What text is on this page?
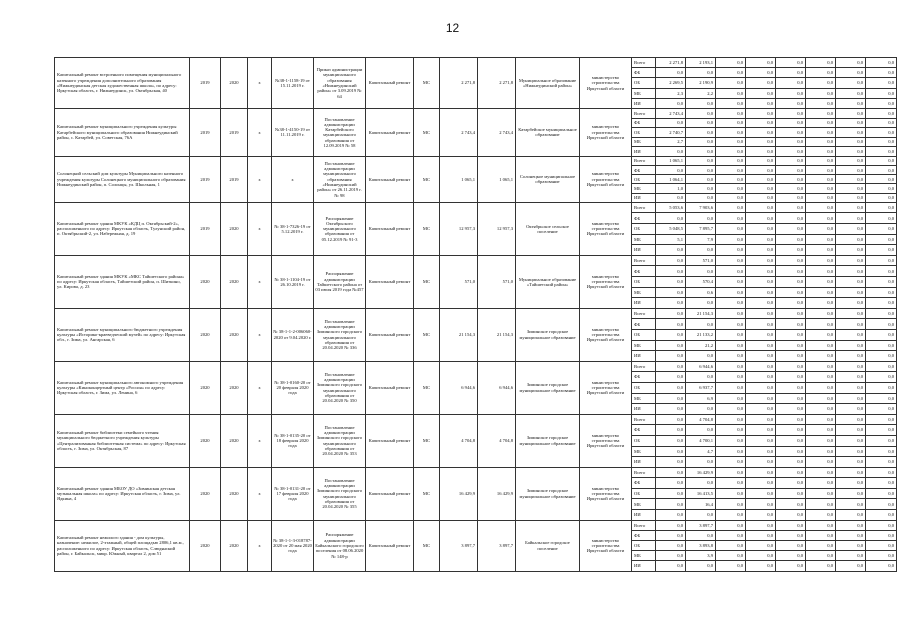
12
Капитальный ремонт встроенного помещения муниципального казенного учреждения дополнительного образования «Нижнеудинская детская художественная школа», по адресу: Иркутская область, г. Нижнеудинск, ул. Октябрьская, 40	2019	2020	х	№38-1-1158-19 от 15.11.2019 г.	Приказ администрации муниципального образования «Нижнеудинский район» от 3.09.2019 № 64	Капитальный ремонт	МС	2 271,8	2 271,8	Муниципальное образование «Нижнеудинский район»	министерство строительства Иркутской области	Всего	2 271,8	2 193,1	0,0	0,0	0,0	0,0	0,0	0,0
												ФБ	0,0	0,0	0,0	0,0	0,0	0,0	0,0	0,0
												ОБ	2 269,5	2 190,9	0,0	0,0	0,0	0,0	0,0	0,0
												МБ	2,3	2,2	0,0	0,0	0,0	0,0	0,0	0,0
												ИИ	0,0	0,0	0,0	0,0	0,0	0,0	0,0	0,0
Капитальный ремонт муниципального учреждения культуры Катарбейского муниципального образования Нижнеудинский район, с. Катарбей, ул. Советская, 76А	2019	2019	х	№38-1-4150-19 от 11.11.2019 г.	Постановление администрации Катарбейского муниципального образования от 12.09.2019 № 58	Капитальный ремонт	МС	2 743,4	2 743,4	Катарбейское муниципальное образование	министерство строительства Иркутской области	Всего	2 743,4	0,0	0,0	0,0	0,0	0,0	0,0	0,0
												ФБ	0,0	0,0	0,0	0,0	0,0	0,0	0,0	0,0
												ОБ	2 740,7	0,0	0,0	0,0	0,0	0,0	0,0	0,0
												МБ	2,7	0,0	0,0	0,0	0,0	0,0	0,0	0,0
												ИИ	0,0	0,0	0,0	0,0	0,0	0,0	0,0	0,0
Солонецкий сельский дом культуры Муниципального казенного учреждения культуры Солонецкого муниципального образования Нижнеудинский район, п. Солонцы, ул. Школьная, 1	2019	2019	х	х	Постановление администрации муниципального образования «Нижнеудинский район» от 26.11.2019 г. № 98	Капитальный ремонт	МС	1 065,1	1 065,1	Солонецкое муниципальное образование	министерство строительства Иркутской области	Всего	1 065,1	0,0	0,0	0,0	0,0	0,0	0,0	0,0
												ФБ	0,0	0,0	0,0	0,0	0,0	0,0	0,0	0,0
												ОБ	1 064,1	0,0	0,0	0,0	0,0	0,0	0,0	0,0
												МБ	1,0	0,0	0,0	0,0	0,0	0,0	0,0	0,0
												ИИ	0,0	0,0	0,0	0,0	0,0	0,0	0,0	0,0
Капитальный ремонт здания МКУК «КДЦ п. Октябрьский-2», расположенного по адресу: Иркутская область, Тулунский район, п. Октябрьский-2, ул. Набережная, д. 19	2019	2020	х	№ 38-1-7326-19 от 5.12.2019 г.	Распоряжение Октябрьского муниципального образования от 05.12.2019 № 91-3	Капитальный ремонт	МС	12 957,3	12 957,3	Октябрьское сельское поселение	министерство строительства Иркутской области	Всего	5 053,6	7 903,6	0,0	0,0	0,0	0,0	0,0	0,0
												ФБ	0,0	0,0	0,0	0,0	0,0	0,0	0,0	0,0
												ОБ	5 048,5	7 895,7	0,0	0,0	0,0	0,0	0,0	0,0
												МБ	5,1	7,9	0,0	0,0	0,0	0,0	0,0	0,0
												ИИ	0,0	0,0	0,0	0,0	0,0	0,0	0,0	0,0
Капитальный ремонт здания МКУК «МКС Тайшетского района» по адресу: Иркутская область, Тайшетский район, п. Шиткино, ул. Кирова, д. 23	2020	2020	х	№ 38-1-1104-19 от 26.10.2019 г.	Распоряжение администрации Тайшетского района от 03 июля 2019 года №457	Капитальный ремонт	МС	571,0	571,0	Муниципальное образование «Тайшетский район»	министерство строительства Иркутской области	Всего	0,0	571,0	0,0	0,0	0,0	0,0	0,0	0,0
												ФБ	0,0	0,0	0,0	0,0	0,0	0,0	0,0	0,0
												ОБ	0,0	570,4	0,0	0,0	0,0	0,0	0,0	0,0
												МБ	0,0	0,6	0,0	0,0	0,0	0,0	0,0	0,0
												ИИ	0,0	0,0	0,0	0,0	0,0	0,0	0,0	0,0
Капитальный ремонт муниципального бюджетного учреждения культуры «Историко-краеведческий музей» по адресу: Иркутская обл., г. Зима, ул. Ангарская, 6	2020	2020	х	№ 38-1-1-2-006060-2020 от 9.04.2020 г.	Постановление администрации Зиминского городского муниципального образования от 20.04.2020 № 336	Капитальный ремонт	МС	21 154,3	21 154,3	Зиминское городское муниципальное образование	министерство строительства Иркутской области	Всего	0,0	21 154,3	0,0	0,0	0,0	0,0	0,0	0,0
												ФБ	0,0	0,0	0,0	0,0	0,0	0,0	0,0	0,0
												ОБ	0,0	21 133,2	0,0	0,0	0,0	0,0	0,0	0,0
												МБ	0,0	21,2	0,0	0,0	0,0	0,0	0,0	0,0
												ИИ	0,0	0,0	0,0	0,0	0,0	0,0	0,0	0,0
Капитальный ремонт муниципального автономного учреждения культуры «Киноконцертный центр «Россия» по адресу: Иркутская область, г. Зима, ул. Ленина, 6	2020	2020	х	№ 38-1-0160-20 от 20 февраля 2020 года	Постановление администрации Зиминского городского муниципального образования от 20.04.2020 № 350	Капитальный ремонт	МС	6 944,6	6 944,6	Зиминское городское муниципальное образование	министерство строительства Иркутской области	Всего	0,0	6 944,6	0,0	0,0	0,0	0,0	0,0	0,0
												ФБ	0,0	0,0	0,0	0,0	0,0	0,0	0,0	0,0
												ОБ	0,0	6 937,7	0,0	0,0	0,0	0,0	0,0	0,0
												МБ	0,0	6,9	0,0	0,0	0,0	0,0	0,0	0,0
												ИИ	0,0	0,0	0,0	0,0	0,0	0,0	0,0	0,0
Капитальный ремонт библиотеки семейного чтения муниципального бюджетного учреждения культуры «Централизованная библиотечная система» по адресу: Иркутская область, г. Зима, ул. Октябрьская, 87	2020	2020	х	№ 38-1-0135-20 от 18 февраля 2020 года	Постановление администрации Зиминского городского муниципального образования от 20.04.2020 № 353	Капитальный ремонт	МС	4 704,8	4 704,8	Зиминское городское муниципальное образование	министерство строительства Иркутской области	Всего	0,0	4 704,8	0,0	0,0	0,0	0,0	0,0	0,0
												ФБ	0,0	0,0	0,0	0,0	0,0	0,0	0,0	0,0
												ОБ	0,0	4 700,1	0,0	0,0	0,0	0,0	0,0	0,0
												МБ	0,0	4,7	0,0	0,0	0,0	0,0	0,0	0,0
												ИИ	0,0	0,0	0,0	0,0	0,0	0,0	0,0	0,0
Капитальный ремонт здания МБОУ ДО «Зиминская детская музыкальная школа» по адресу: Иркутская область, г. Зима, ул. Ядкина, 4	2020	2020	х	№ 38-1-0131-20 от 17 февраля 2020 года	Постановление администрации Зиминского городского муниципального образования от 20.04.2020 № 355	Капитальный ремонт	МС	16 429,9	16 429,9	Зиминское городское муниципальное образование	министерство строительства Иркутской области	Всего	0,0	16 429,9	0,0	0,0	0,0	0,0	0,0	0,0
												ФБ	0,0	0,0	0,0	0,0	0,0	0,0	0,0	0,0
												ОБ	0,0	16 413,5	0,0	0,0	0,0	0,0	0,0	0,0
												МБ	0,0	16,4	0,0	0,0	0,0	0,0	0,0	0,0
												ИИ	0,0	0,0	0,0	0,0	0,0	0,0	0,0	0,0
Капитальный ремонт нежилого здания - дом культуры, назначение: нежилое, 2-этажный, общей площадью 2806,1 кв.м., расположенного по адресу: Иркутская область, Слюдянский район, г. Байкальск, микр. Южный, квартал 2, дом 51	2020	2020	х	№ 38-1-1-3-018787-2020 от 20 мая 2020 года	Распоряжение администрации Байкальского городского поселения от 08.06.2020 № 148-р	Капитальный ремонт	МС	3 897,7	3 897,7	Байкальское городское поселение	министерство строительства Иркутской области	Всего	0,0	3 897,7	0,0	0,0	0,0	0,0	0,0	0,0
												ФБ	0,0	0,0	0,0	0,0	0,0	0,0	0,0	0,0
												ОБ	0,0	3 893,8	0,0	0,0	0,0	0,0	0,0	0,0
												МБ	0,0	3,9	0,0	0,0	0,0	0,0	0,0	0,0
												ИИ	0,0	0,0	0,0	0,0	0,0	0,0	0,0	0,0
